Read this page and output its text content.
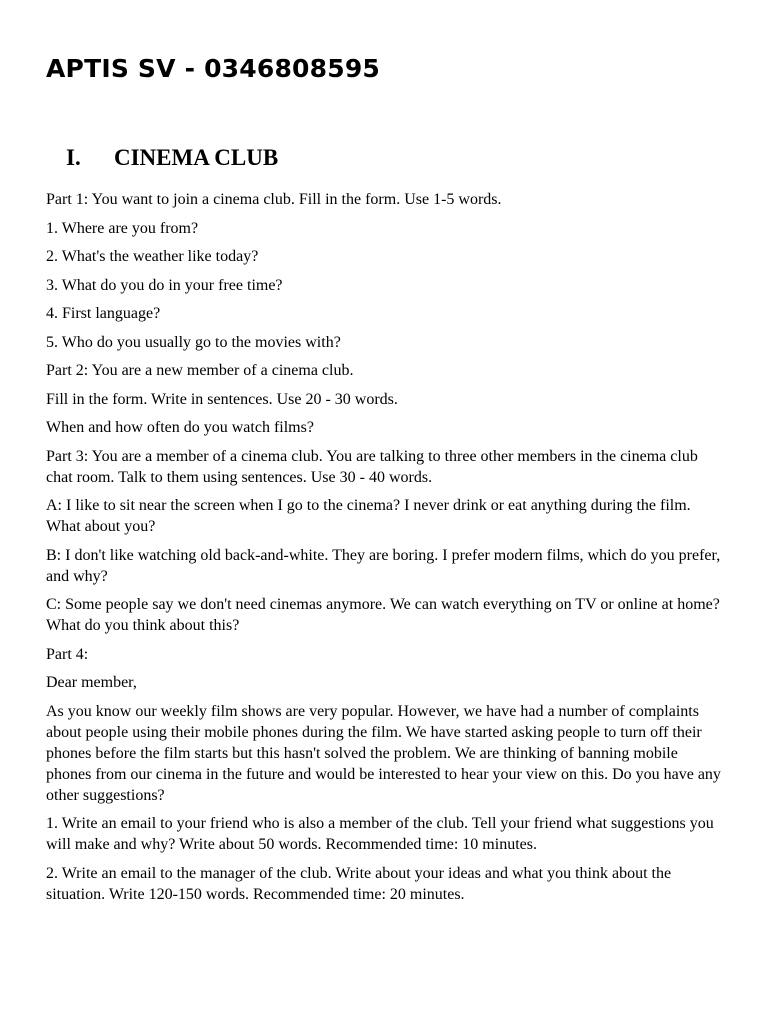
APTIS SV - 0346808595
I. CINEMA CLUB

Part 1: You want to join a cinema club. Fill in the form. Use 1-5 words.

1. Where are you from?

2. What's the weather like today?

3. What do you do in your free time?

4. First language?

5. Who do you usually go to the movies with?

Part 2: You are a new member of a cinema club.

Fill in the form. Write in sentences. Use 20 - 30 words.

When and how often do you watch films?

Part 3: You are a member of a cinema club. You are talking to three other members in the cinema club chat room. Talk to them using sentences. Use 30 - 40 words.

A: I like to sit near the screen when I go to the cinema? I never drink or eat anything during the film. What about you?

B: I don't like watching old back-and-white. They are boring. I prefer modern films, which do you prefer, and why?

C: Some people say we don't need cinemas anymore. We can watch everything on TV or online at home? What do you think about this?

Part 4:

Dear member,

As you know our weekly film shows are very popular. However, we have had a number of complaints about people using their mobile phones during the film. We have started asking people to turn off their phones before the film starts but this hasn't solved the problem. We are thinking of banning mobile phones from our cinema in the future and would be interested to hear your view on this. Do you have any other suggestions?

1. Write an email to your friend who is also a member of the club. Tell your friend what suggestions you will make and why? Write about 50 words. Recommended time: 10 minutes.

2. Write an email to the manager of the club. Write about your ideas and what you think about the situation. Write 120-150 words. Recommended time: 20 minutes.
